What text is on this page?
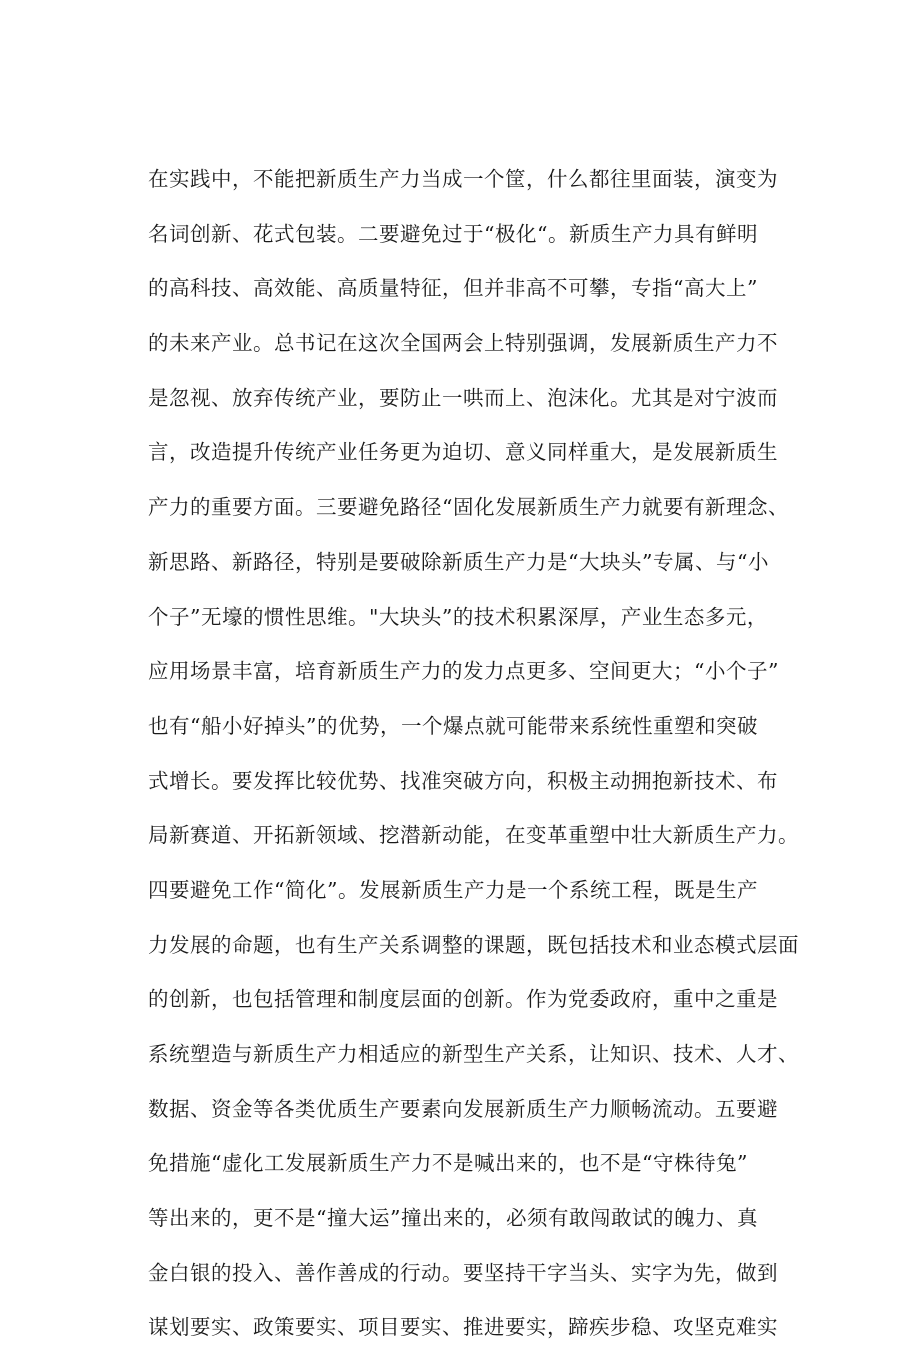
在实践中，不能把新质生产力当成一个筐，什么都往里面装，演变为
名词创新、花式包装。二要避免过于“极化“。新质生产力具有鲜明
的高科技、高效能、高质量特征，但并非高不可攀，专指“高大上”
的未来产业。总书记在这次全国两会上特别强调，发展新质生产力不
是忽视、放弃传统产业，要防止一哄而上、泡沫化。尤其是对宁波而
言，改造提升传统产业任务更为迫切、意义同样重大，是发展新质生
产力的重要方面。三要避免路径“固化发展新质生产力就要有新理念、
新思路、新路径，特别是要破除新质生产力是“大块头”专属、与“小
个子”无壕的惯性思维。"大块头”的技术积累深厚，产业生态多元，
应用场景丰富，培育新质生产力的发力点更多、空间更大；“小个子”
也有“船小好掉头”的优势，一个爆点就可能带来系统性重塑和突破
式增长。要发挥比较优势、找准突破方向，积极主动拥抱新技术、布
局新赛道、开拓新领域、挖潜新动能，在变革重塑中壮大新质生产力。
四要避免工作“简化”。发展新质生产力是一个系统工程，既是生产
力发展的命题，也有生产关系调整的课题，既包括技术和业态模式层面
的创新，也包括管理和制度层面的创新。作为党委政府，重中之重是
系统塑造与新质生产力相适应的新型生产关系，让知识、技术、人才、
数据、资金等各类优质生产要素向发展新质生产力顺畅流动。五要避
免措施“虚化工发展新质生产力不是喊出来的，也不是“守株待兔”
等出来的，更不是“撞大运”撞出来的，必须有敢闯敢试的魄力、真
金白银的投入、善作善成的行动。要坚持干字当头、实字为先，做到
谋划要实、政策要实、项目要实、推进要实，蹄疾步稳、攻坚克难实
